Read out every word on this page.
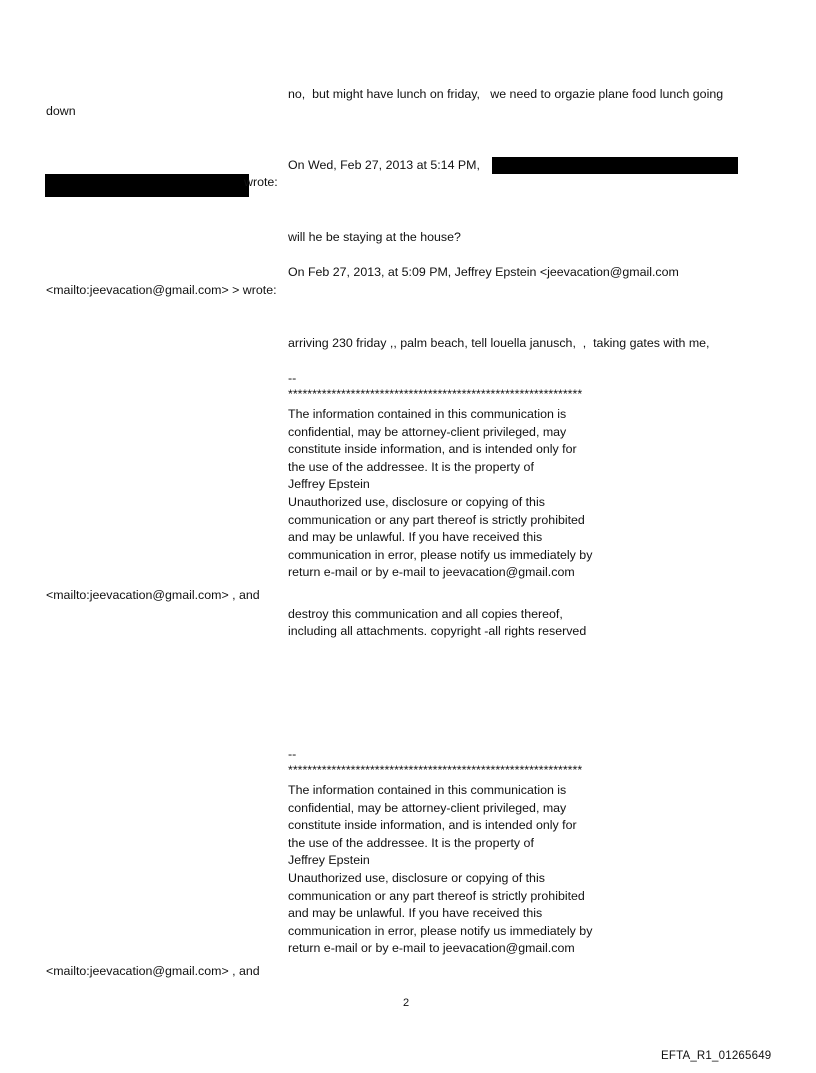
no,  but might have lunch on friday,   we need to orgazie plane food lunch going
down
On Wed, Feb 27, 2013 at 5:14 PM,
wrote:
will he be staying at the house?
On Feb 27, 2013, at 5:09 PM, Jeffrey Epstein <jeevacation@gmail.com
<mailto:jeevacation@gmail.com> > wrote:
arriving 230 friday ,, palm beach, tell louella janusch,  ,  taking gates with me,
--
*************************************************************
The information contained in this communication is
confidential, may be attorney-client privileged, may
constitute inside information, and is intended only for
the use of the addressee. It is the property of
Jeffrey Epstein
Unauthorized use, disclosure or copying of this
communication or any part thereof is strictly prohibited
and may be unlawful. If you have received this
communication in error, please notify us immediately by
return e-mail or by e-mail to jeevacation@gmail.com
<mailto:jeevacation@gmail.com> , and
destroy this communication and all copies thereof,
including all attachments. copyright -all rights reserved
--
*************************************************************
The information contained in this communication is
confidential, may be attorney-client privileged, may
constitute inside information, and is intended only for
the use of the addressee. It is the property of
Jeffrey Epstein
Unauthorized use, disclosure or copying of this
communication or any part thereof is strictly prohibited
and may be unlawful. If you have received this
communication in error, please notify us immediately by
return e-mail or by e-mail to jeevacation@gmail.com
<mailto:jeevacation@gmail.com> , and
2
EFTA_R1_01265649
